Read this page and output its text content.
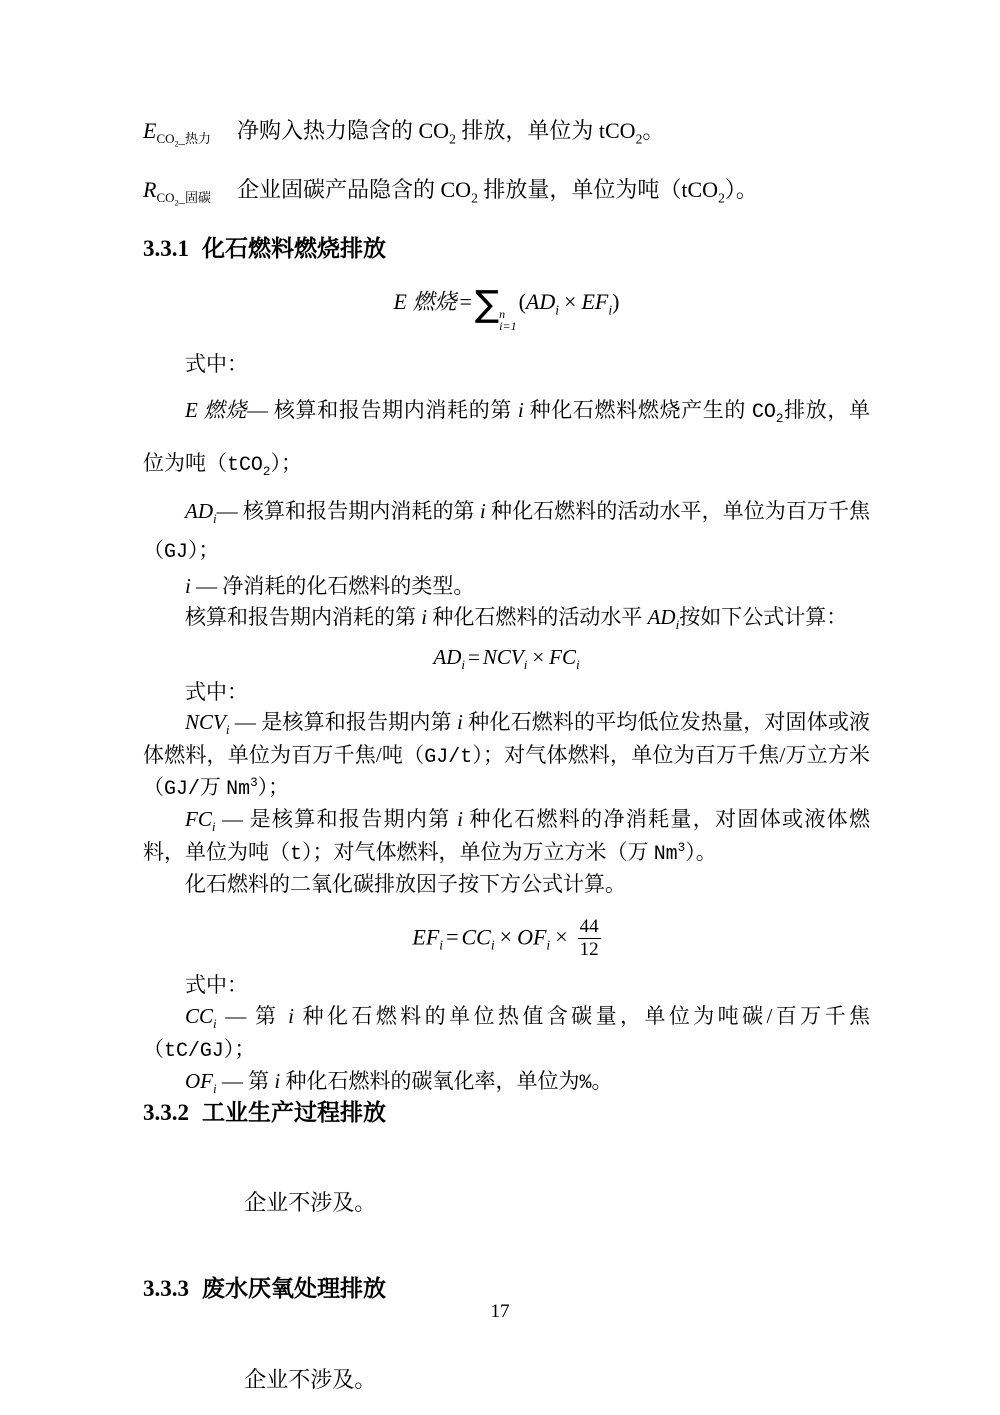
$E_{CO_2\_热力}$	净购入热力隐含的 $CO_2$ 排放，单位为 tCO$_2$。
$R_{CO_2\_固碳}$	企业固碳产品隐含的 $CO_2$ 排放量，单位为吨（tCO$_2$）。
3.3.1 化石燃料燃烧排放
E 燃烧 =∑ n
i=1
$(AD_i \times EF_i)$

式中：

E 燃烧— 核算和报告期内消耗的第 i 种化石燃料燃烧产生的 $CO_2$排放，单位为吨（tCO$_2$）；

$AD_i—$ 核算和报告期内消耗的第 i 种化石燃料的活动水平，单位为百万千焦（GJ）；

i — 净消耗的化石燃料的类型。

核算和报告期内消耗的第 i 种化石燃料的活动水平 $AD_i$按如下公式计算：

$AD_i = NCV_i \times FC_i$

式中：

$NCV_i$ — 是核算和报告期内第 i 种化石燃料的平均低位发热量，对固体或液体燃料，单位为百万千焦/吨（GJ/t）；对气体燃料，单位为百万千焦/万立方米（GJ/万 Nm$^3$）；

$FC_i$ — 是核算和报告期内第 i 种化石燃料的净消耗量，对固体或液体燃料，单位为吨（t）；对气体燃料，单位为万立方米（万 Nm$^3$）。

化石燃料的二氧化碳排放因子按下方公式计算。

$EF_i = CC_i \times OF_i \times \frac{44}{12}$

式中：

$CC_i$ — 第 i 种化石燃料的单位热值含碳量，单位为吨碳/百万千焦（tC/GJ）；

$OF_i$ — 第 i 种化石燃料的碳氧化率，单位为%。

3.3.2 工业生产过程排放

企业不涉及。

3.3.3 废水厌氧处理排放

企业不涉及。

17
